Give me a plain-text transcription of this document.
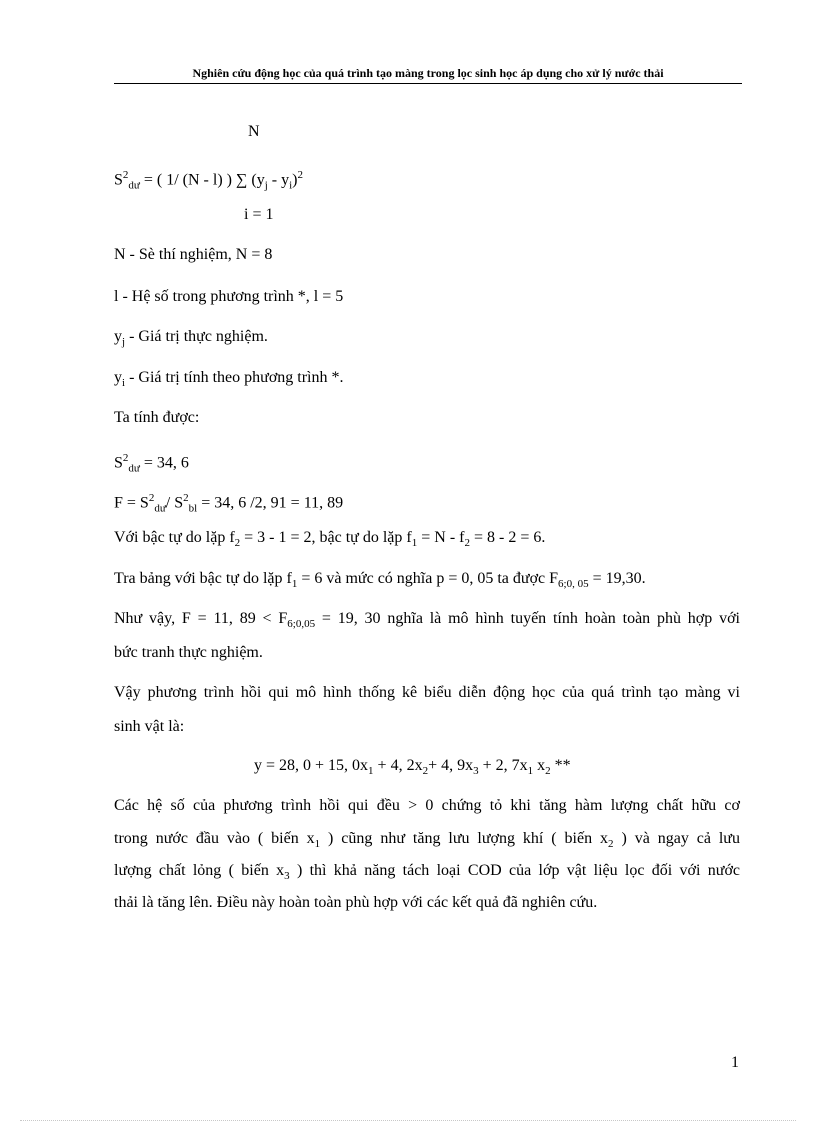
Nghiên cứu động học của quá trình tạo màng trong lọc sinh học áp dụng cho xử lý nước thải
N
$S^2_{dư}$ = ( 1/ (N - l) ) ∑ $(y_j - y_i)^2$
i = 1
N - Sè thí nghiệm, N = 8
l - Hệ số trong phương trình *, l = 5
$y_j$ - Giá trị thực nghiệm.
$y_i$ - Giá trị tính theo phương trình *.
Ta tính được:
$S^2_{dư} = 34$, 6
$F = S^2_{dư}/$ $S^2_{bl} = 34$, 6 /2, 91 = 11, 89
Với bậc tự do lặp $f_2 = 3 - 1 = 2$, bậc tự do lặp $f_1 = N - f_2 = 8 - 2 = 6$.
Tra bảng với bậc tự do lặp $f_1 = 6$ và mức có nghĩa p = 0, 05 ta được $F_{6;0, 05} = 19,30$.
Như vậy, F = 11, $89 < F_{6;0,05} = 19$, 30 nghĩa là mô hình tuyến tính hoàn toàn phù hợp với
bức tranh thực nghiệm.
Vậy phương trình hồi qui mô hình thống kê biểu diễn động học của quá trình tạo màng vi
sinh vật là:
y = 28, 0 + 15, $0x_1 + 4$, $2x_2+ 4$, $9x_3 + 2$, $7x_1$ $x_2$ **
Các hệ số của phương trình hồi qui đều > 0 chứng tỏ khi tăng hàm lượng chất hữu cơ
trong nước đầu vào ( biến $x_1$ ) cũng như tăng lưu lượng khí ( biến $x_2$ ) và ngay cả lưu
lượng chất lỏng ( biến $x_3$ ) thì khả năng tách loại COD của lớp vật liệu lọc đối với nước
thải là tăng lên. Điều này hoàn toàn phù hợp với các kết quả đã nghiên cứu.
1
